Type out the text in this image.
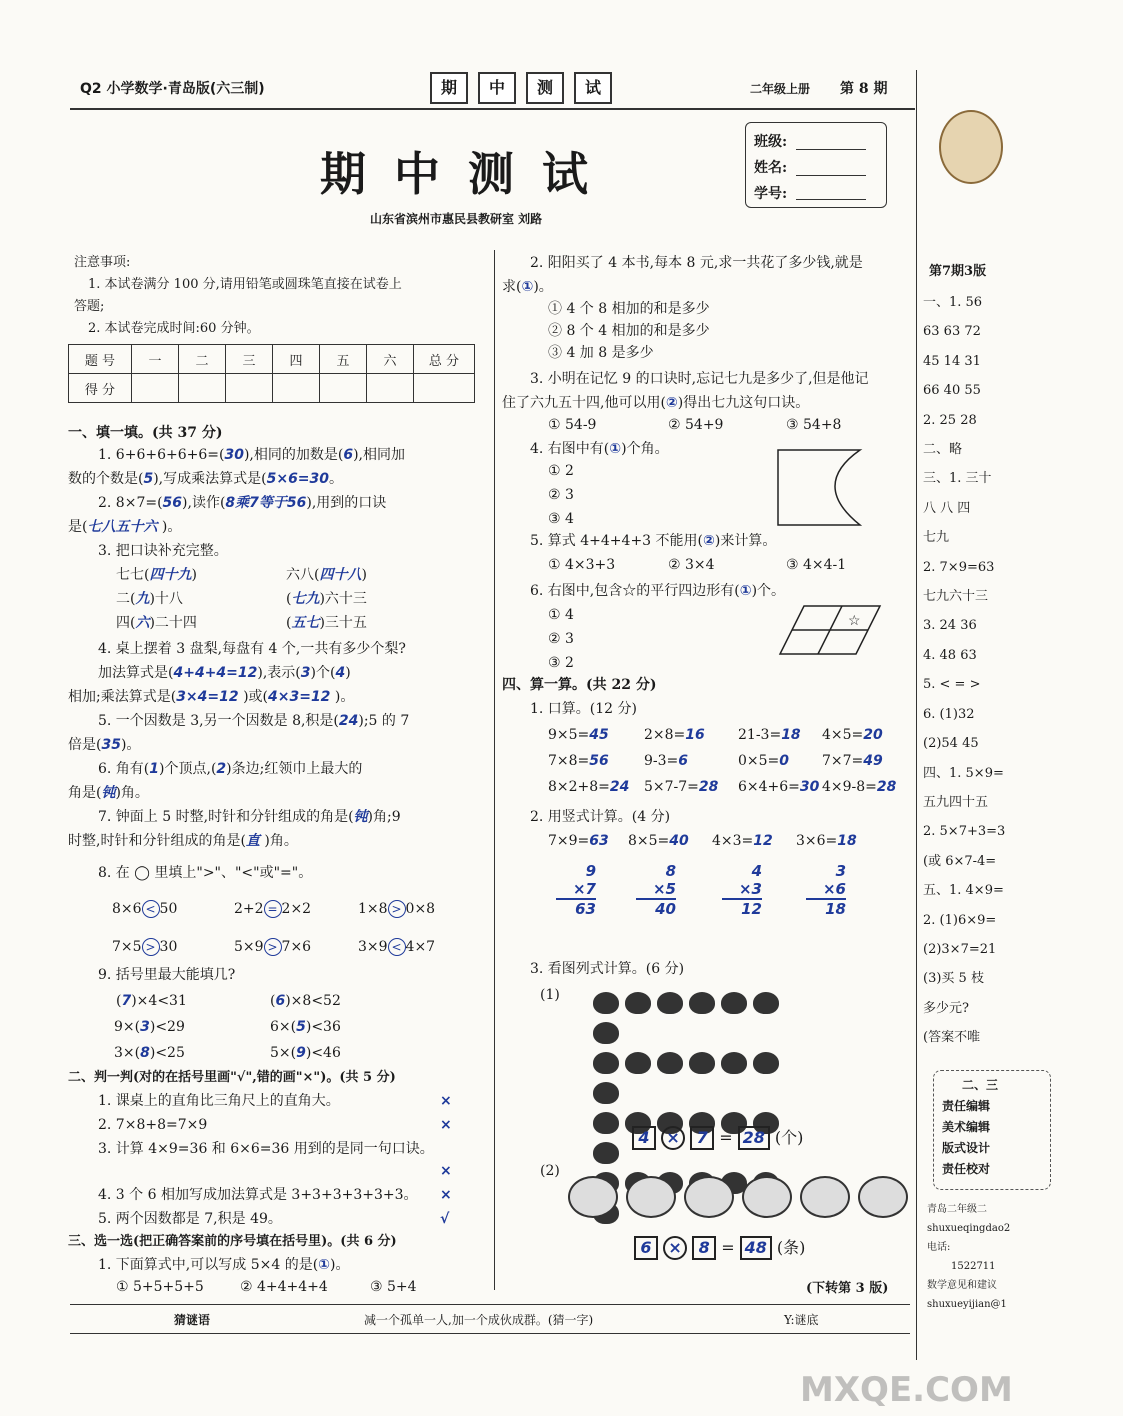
Q2 小学数学·青岛版(六三制)	期 中 测 试	二年级上册 第 8 期
期 中 测 试
山东省滨州市惠民县教研室 刘路
班级:
姓名:
学号:
注意事项:
1. 本试卷满分 100 分,请用铅笔或圆珠笔直接在试卷上
答题;
2. 本试卷完成时间:60 分钟。
题 号	一	二	三	四	五	六	总 分
得 分							
一、填一填。(共 37 分)
1. 6+6+6+6+6=(30),相同的加数是(6),相同加
数的个数是(5),写成乘法算式是(5×6=30。
2. 8×7=(56),读作(8乘7等于56),用到的口诀
是(七八五十六 )。
3. 把口诀补充完整。
七七(四十九)	六八(四十八)
二(九)十八	(七九)六十三
四(六)二十四	(五七)三十五
4. 桌上摆着 3 盘梨,每盘有 4 个,一共有多少个梨?
加法算式是(4+4+4=12),表示(3)个(4)
相加;乘法算式是(3×4=12 )或(4×3=12 )。
5. 一个因数是 3,另一个因数是 8,积是(24);5 的 7
倍是(35)。
6. 角有(1)个顶点,(2)条边;红领巾上最大的
角是(钝)角。
7. 钟面上 5 时整,时针和分针组成的角是(钝)角;9
时整,时针和分针组成的角是(直 )角。
8. 在 ◯ 里填上">"、"<"或"="。
8×6 < 50	2+2 = 2×2	1×8 > 0×8
7×5 > 30	5×9 > 7×6	3×9 < 4×7
9. 括号里最大能填几?
(7)×4<31	(6)×8<52
9×(3)<29	6×(5)<36
3×(8)<25	5×(9)<46
二、判一判(对的在括号里画"√",错的画"×")。(共 5 分)
1. 课桌上的直角比三角尺上的直角大。	×
2. 7×8+8=7×9	×
3. 计算 4×9=36 和 6×6=36 用到的是同一句口诀。
×
4. 3 个 6 相加写成加法算式是 3+3+3+3+3+3。 ×
5. 两个因数都是 7,积是 49。	√
三、选一选(把正确答案前的序号填在括号里)。(共 6 分)
1. 下面算式中,可以写成 5×4 的是(①)。
① 5+5+5+5	② 4+4+4+4	③ 5+4
2. 阳阳买了 4 本书,每本 8 元,求一共花了多少钱,就是
求(①)。
① 4 个 8 相加的和是多少
② 8 个 4 相加的和是多少
③ 4 加 8 是多少
3. 小明在记忆 9 的口诀时,忘记七九是多少了,但是他记
住了六九五十四,他可以用(②)得出七九这句口诀。
① 54-9	② 54+9	③ 54+8
4. 右图中有(①)个角。
① 2
② 3
③ 4
5. 算式 4+4+4+3 不能用(②)来计算。
① 4×3+3	② 3×4	③ 4×4-1
6. 右图中,包含☆的平行四边形有(①)个。
① 4
② 3
③ 2
☆
四、算一算。(共 22 分)
1. 口算。(12 分)
9×5=45	2×8=16 21-3=18 4×5=20
7×8=56	9-3=6	0×5=0 7×7=49
8×2+8=24 5×7-7=28 6×4+6=30 4×9-8=28
2. 用竖式计算。(4 分)
7×9=63 8×5=40 4×3=12 3×6=18
9
×7
63
8
×5
40
4
×3
12
3
×6
18
3. 看图列式计算。(6 分)
(1)
4 × 7 = 28 (个)
(2)
6 × 8 = 48 (条)
(下转第 3 版)
猜谜语	减一个孤单一人,加一个成伙成群。(猜一字)	Y:谜底
第7期3版
一、1. 56
63 63 72
45 14 31
66 40 55
2. 25 28
二、略
三、1. 三十
八 八 四
七九
2. 7×9=63
七九六十三
3. 24 36
4. 48 63
5. < = >
6. (1)32
(2)54 45
四、1. 5×9=
五九四十五
2. 5×7+3=3
(或 6×7-4=
五、1. 4×9=
2. (1)6×9=
(2)3×7=21
(3)买 5 枝
多少元?
(答案不唯
二、三
责任编辑
美术编辑
版式设计
责任校对
青岛二年级二
shuxueqingdao2
电话:
1522711
数学意见和建议
shuxueyijian@1
MXQE.COM
